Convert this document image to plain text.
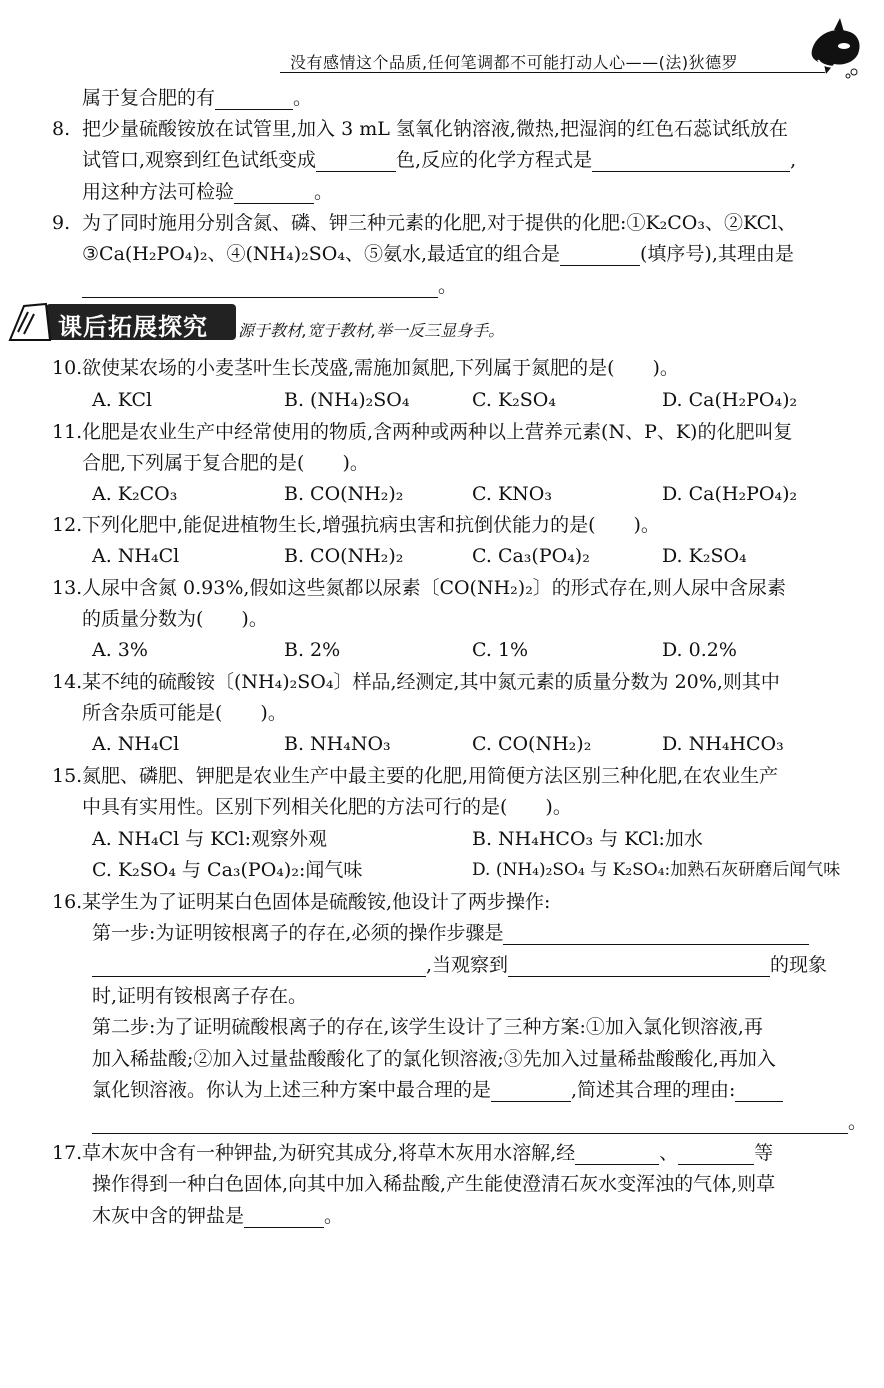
没有感情这个品质,任何笔调都不可能打动人心——(法)狄德罗
属于复合肥的有	。
8. 把少量硫酸铵放在试管里,加入 3 mL 氢氧化钠溶液,微热,把湿润的红色石蕊试纸放在
试管口,观察到红色试纸变成	色,反应的化学方程式是	,
用这种方法可检验	。
9. 为了同时施用分别含氮、磷、钾三种元素的化肥,对于提供的化肥:①K₂CO₃、②KCl、
③Ca(H₂PO₄)₂、④(NH₄)₂SO₄、⑤氨水,最适宜的组合是	(填序号),其理由是
。
课后拓展探究 源于教材,宽于教材,举一反三显身手。
10.欲使某农场的小麦茎叶生长茂盛,需施加氮肥,下列属于氮肥的是(　　)。
A. KCl	B. (NH₄)₂SO₄	C. K₂SO₄	D. Ca(H₂PO₄)₂
11.化肥是农业生产中经常使用的物质,含两种或两种以上营养元素(N、P、K)的化肥叫复
合肥,下列属于复合肥的是(　　)。
A. K₂CO₃	B. CO(NH₂)₂	C. KNO₃	D. Ca(H₂PO₄)₂
12.下列化肥中,能促进植物生长,增强抗病虫害和抗倒伏能力的是(　　)。
A. NH₄Cl	B. CO(NH₂)₂	C. Ca₃(PO₄)₂	D. K₂SO₄
13.人尿中含氮 0.93%,假如这些氮都以尿素〔CO(NH₂)₂〕的形式存在,则人尿中含尿素
的质量分数为(　　)。
A. 3%	B. 2%	C. 1%	D. 0.2%
14.某不纯的硫酸铵〔(NH₄)₂SO₄〕样品,经测定,其中氮元素的质量分数为 20%,则其中
所含杂质可能是(　　)。
A. NH₄Cl	B. NH₄NO₃	C. CO(NH₂)₂	D. NH₄HCO₃
15.氮肥、磷肥、钾肥是农业生产中最主要的化肥,用简便方法区别三种化肥,在农业生产
中具有实用性。区别下列相关化肥的方法可行的是(　　)。
A. NH₄Cl 与 KCl:观察外观	B. NH₄HCO₃ 与 KCl:加水
C. K₂SO₄ 与 Ca₃(PO₄)₂:闻气味	D. (NH₄)₂SO₄ 与 K₂SO₄:加熟石灰研磨后闻气味
16.某学生为了证明某白色固体是硫酸铵,他设计了两步操作:
第一步:为证明铵根离子的存在,必须的操作步骤是
,当观察到	的现象
时,证明有铵根离子存在。
第二步:为了证明硫酸根离子的存在,该学生设计了三种方案:①加入氯化钡溶液,再
加入稀盐酸;②加入过量盐酸酸化了的氯化钡溶液;③先加入过量稀盐酸酸化,再加入
氯化钡溶液。你认为上述三种方案中最合理的是	,简述其合理的理由:
。
17.草木灰中含有一种钾盐,为研究其成分,将草木灰用水溶解,经	、	等
操作得到一种白色固体,向其中加入稀盐酸,产生能使澄清石灰水变浑浊的气体,则草
木灰中含的钾盐是	。
